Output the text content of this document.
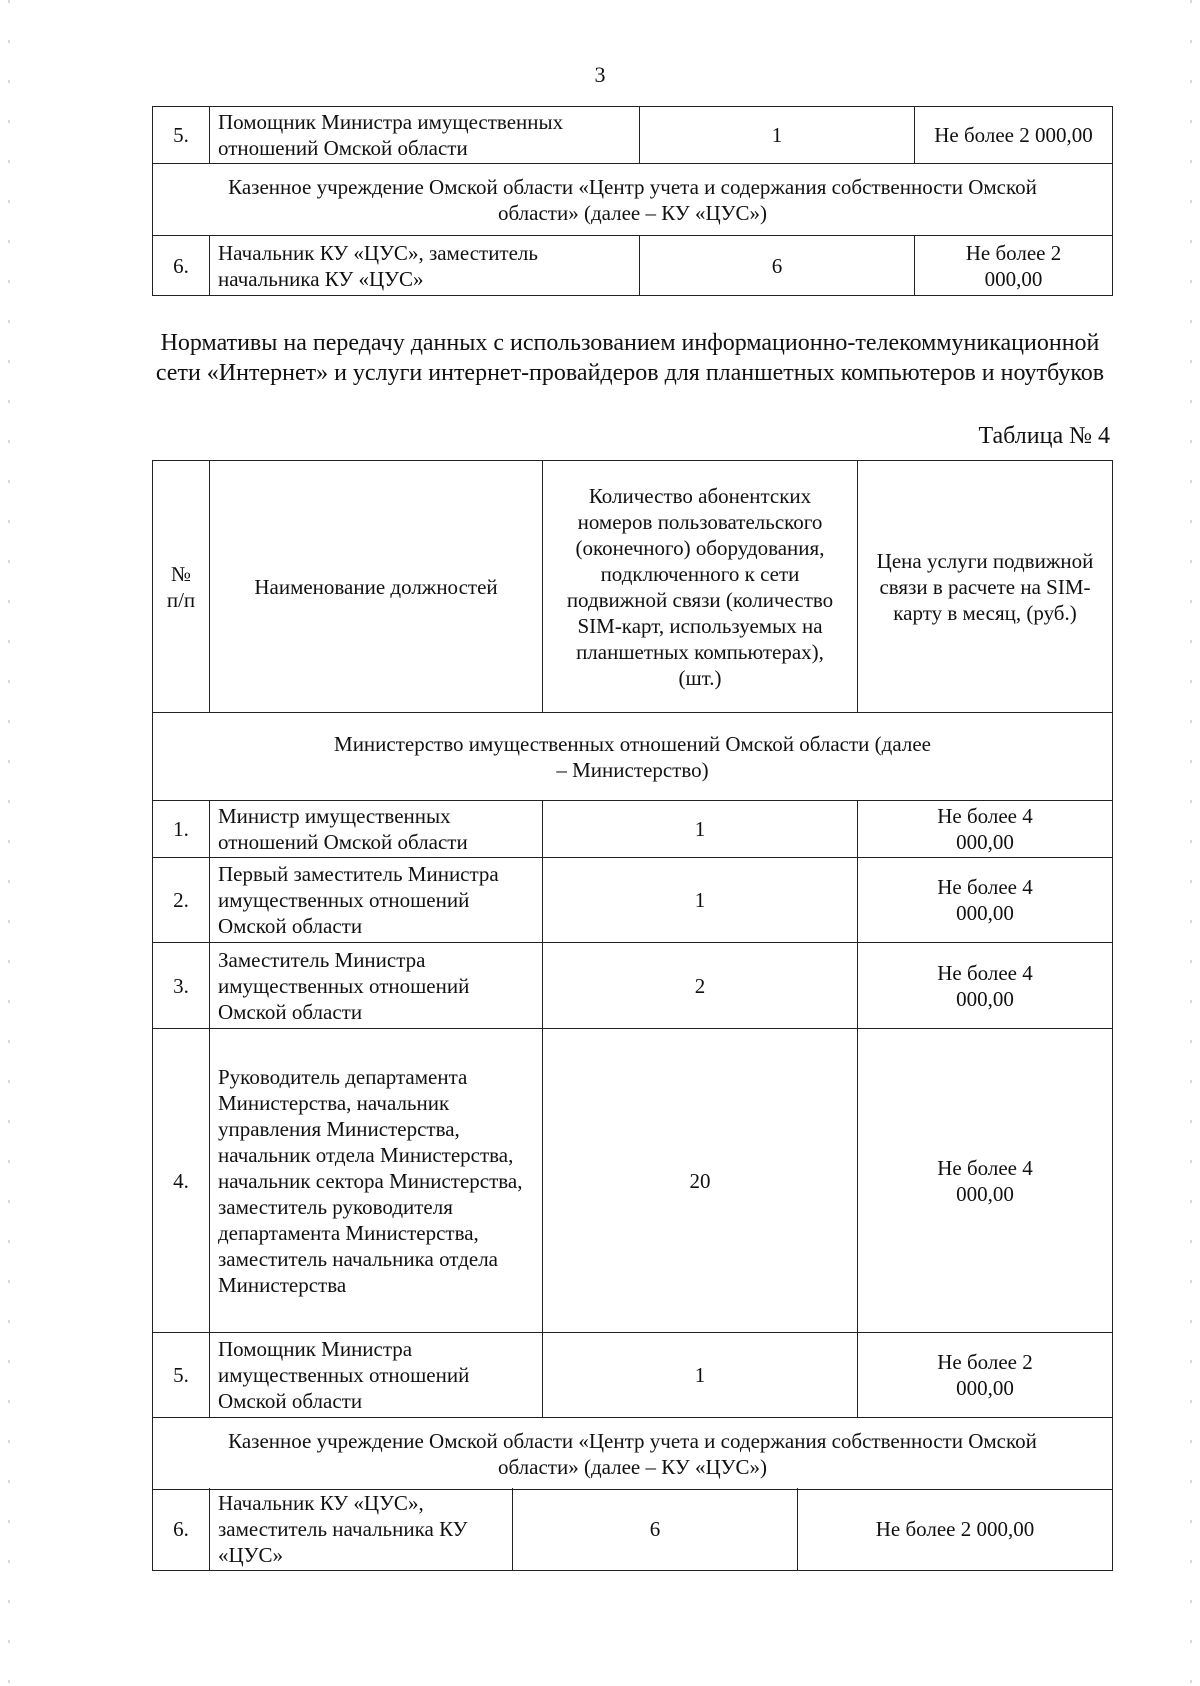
3
5.	Помощник Министра имущественных отношений Омской области	1	Не более 2 000,00
Казенное учреждение Омской области «Центр учета и содержания собственности Омской области» (далее – КУ «ЦУС»)			
6.	Начальник КУ «ЦУС», заместитель начальника КУ «ЦУС»	6	Не более 2 000,00
Нормативы на передачу данных с использованием информационно-телекоммуникационной сети «Интернет» и услуги интернет-провайдеров для планшетных компьютеров и ноутбуков
Таблица № 4
№ п/п	Наименование должностей	Количество абонентских номеров пользовательского (оконечного) оборудования, подключенного к сети подвижной связи (количество SIM-карт, используемых на планшетных компьютерах), (шт.)	Цена услуги подвижной связи в расчете на SIM-карту в месяц, (руб.)
Министерство имущественных отношений Омской области (далее – Министерство)			
1.	Министр имущественных отношений Омской области	1	Не более 4 000,00
2.	Первый заместитель Министра имущественных отношений Омской области	1	Не более 4 000,00
3.	Заместитель Министра имущественных отношений Омской области	2	Не более 4 000,00
4.	Руководитель департамента Министерства, начальник управления Министерства, начальник отдела Министерства, начальник сектора Министерства, заместитель руководителя департамента Министерства, заместитель начальника отдела Министерства	20	Не более 4 000,00
5.	Помощник Министра имущественных отношений Омской области	1	Не более 2 000,00
Казенное учреждение Омской области «Центр учета и содержания собственности Омской области» (далее – КУ «ЦУС»)			
6.	Начальник КУ «ЦУС», заместитель начальника КУ «ЦУС»	6	Не более 2 000,00
